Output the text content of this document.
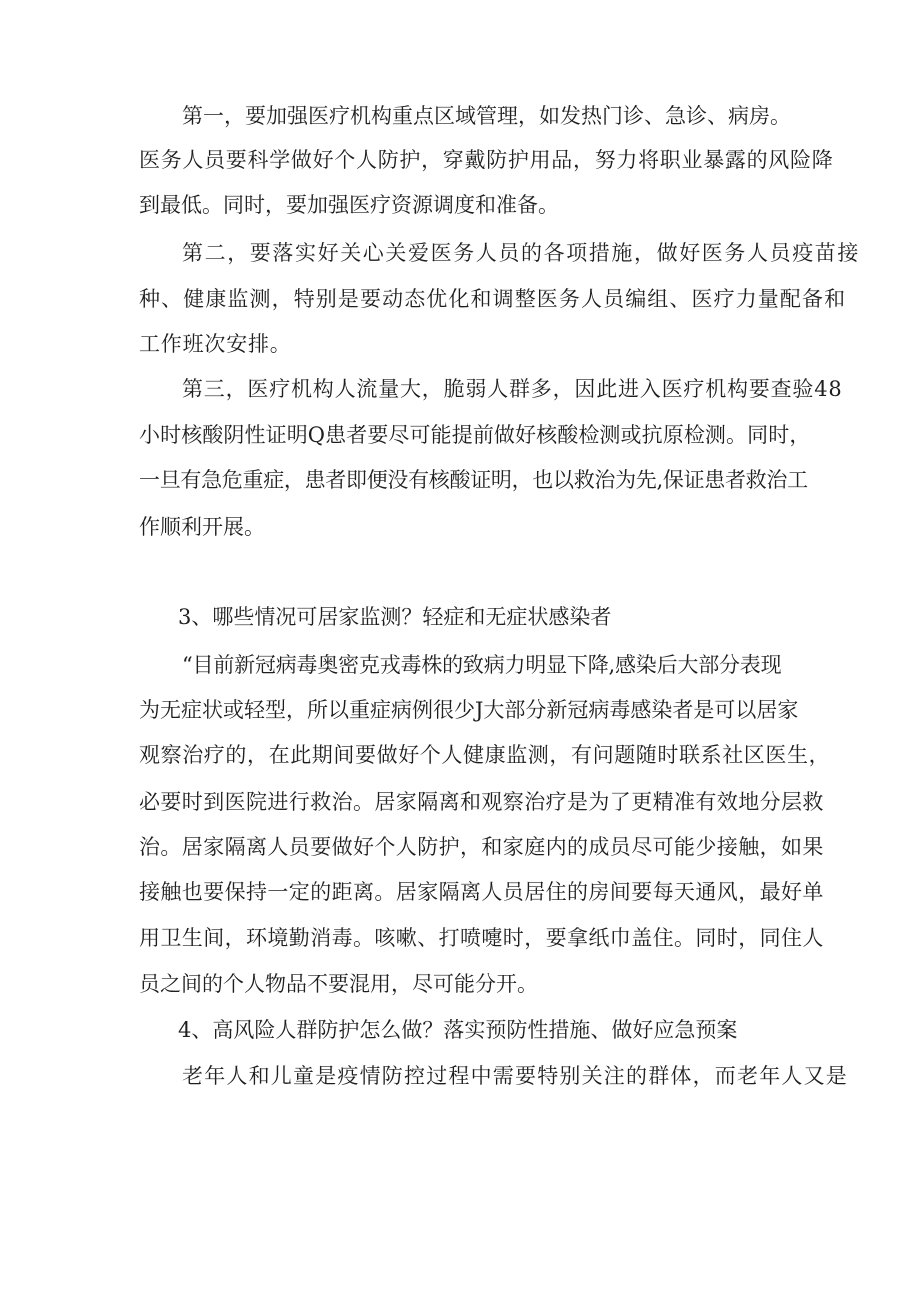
第一，要加强医疗机构重点区域管理，如发热门诊、急诊、病房。
医务人员要科学做好个人防护，穿戴防护用品，努力将职业暴露的风险降
到最低。同时，要加强医疗资源调度和准备。
第二，要落实好关心关爱医务人员的各项措施，做好医务人员疫苗接
种、健康监测，特别是要动态优化和调整医务人员编组、医疗力量配备和
工作班次安排。
第三，医疗机构人流量大，脆弱人群多，因此进入医疗机构要查验48
小时核酸阴性证明Q患者要尽可能提前做好核酸检测或抗原检测。同时，
一旦有急危重症，患者即便没有核酸证明，也以救治为先,保证患者救治工
作顺利开展。
3、哪些情况可居家监测？轻症和无症状感染者
“目前新冠病毒奥密克戎毒株的致病力明显下降,感染后大部分表现
为无症状或轻型，所以重症病例很少J大部分新冠病毒感染者是可以居家
观察治疗的，在此期间要做好个人健康监测，有问题随时联系社区医生，
必要时到医院进行救治。居家隔离和观察治疗是为了更精准有效地分层救
治。居家隔离人员要做好个人防护，和家庭内的成员尽可能少接触，如果
接触也要保持一定的距离。居家隔离人员居住的房间要每天通风，最好单
用卫生间，环境勤消毒。咳嗽、打喷嚏时，要拿纸巾盖住。同时，同住人
员之间的个人物品不要混用，尽可能分开。
4、高风险人群防护怎么做？落实预防性措施、做好应急预案
老年人和儿童是疫情防控过程中需要特别关注的群体，而老年人又是
